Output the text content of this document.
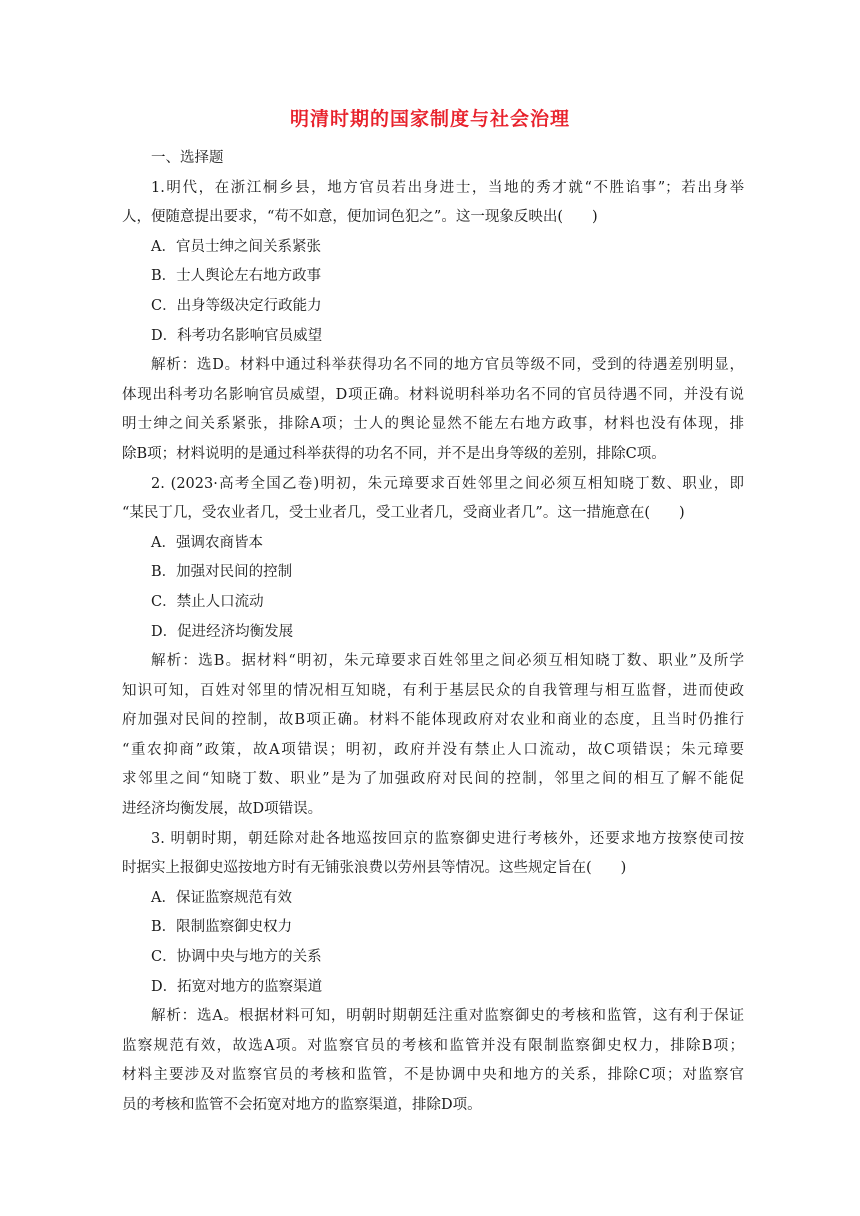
明清时期的国家制度与社会治理
一、选择题
1.明代，在浙江桐乡县，地方官员若出身进士，当地的秀才就“不胜谄事”；若出身举
人，便随意提出要求，“苟不如意，便加词色犯之”。这一现象反映出(　　)
A．官员士绅之间关系紧张
B．士人舆论左右地方政事
C．出身等级决定行政能力
D．科考功名影响官员威望
解析：选D。材料中通过科举获得功名不同的地方官员等级不同，受到的待遇差别明显，
体现出科考功名影响官员威望，D项正确。材料说明科举功名不同的官员待遇不同，并没有说
明士绅之间关系紧张，排除A项；士人的舆论显然不能左右地方政事，材料也没有体现，排
除B项；材料说明的是通过科举获得的功名不同，并不是出身等级的差别，排除C项。
2. (2023·高考全国乙卷)明初，朱元璋要求百姓邻里之间必须互相知晓丁数、职业，即
“某民丁几，受农业者几，受士业者几，受工业者几，受商业者几”。这一措施意在(　　)
A．强调农商皆本
B．加强对民间的控制
C．禁止人口流动
D．促进经济均衡发展
解析：选B。据材料“明初，朱元璋要求百姓邻里之间必须互相知晓丁数、职业”及所学
知识可知，百姓对邻里的情况相互知晓，有利于基层民众的自我管理与相互监督，进而使政
府加强对民间的控制，故B项正确。材料不能体现政府对农业和商业的态度，且当时仍推行
“重农抑商”政策，故A项错误；明初，政府并没有禁止人口流动，故C项错误；朱元璋要
求邻里之间“知晓丁数、职业”是为了加强政府对民间的控制，邻里之间的相互了解不能促
进经济均衡发展，故D项错误。
3. 明朝时期，朝廷除对赴各地巡按回京的监察御史进行考核外，还要求地方按察使司按
时据实上报御史巡按地方时有无铺张浪费以劳州县等情况。这些规定旨在(　　)
A．保证监察规范有效
B．限制监察御史权力
C．协调中央与地方的关系
D．拓宽对地方的监察渠道
解析：选A。根据材料可知，明朝时期朝廷注重对监察御史的考核和监管，这有利于保证
监察规范有效，故选A项。对监察官员的考核和监管并没有限制监察御史权力，排除B项；
材料主要涉及对监察官员的考核和监管，不是协调中央和地方的关系，排除C项；对监察官
员的考核和监管不会拓宽对地方的监察渠道，排除D项。
